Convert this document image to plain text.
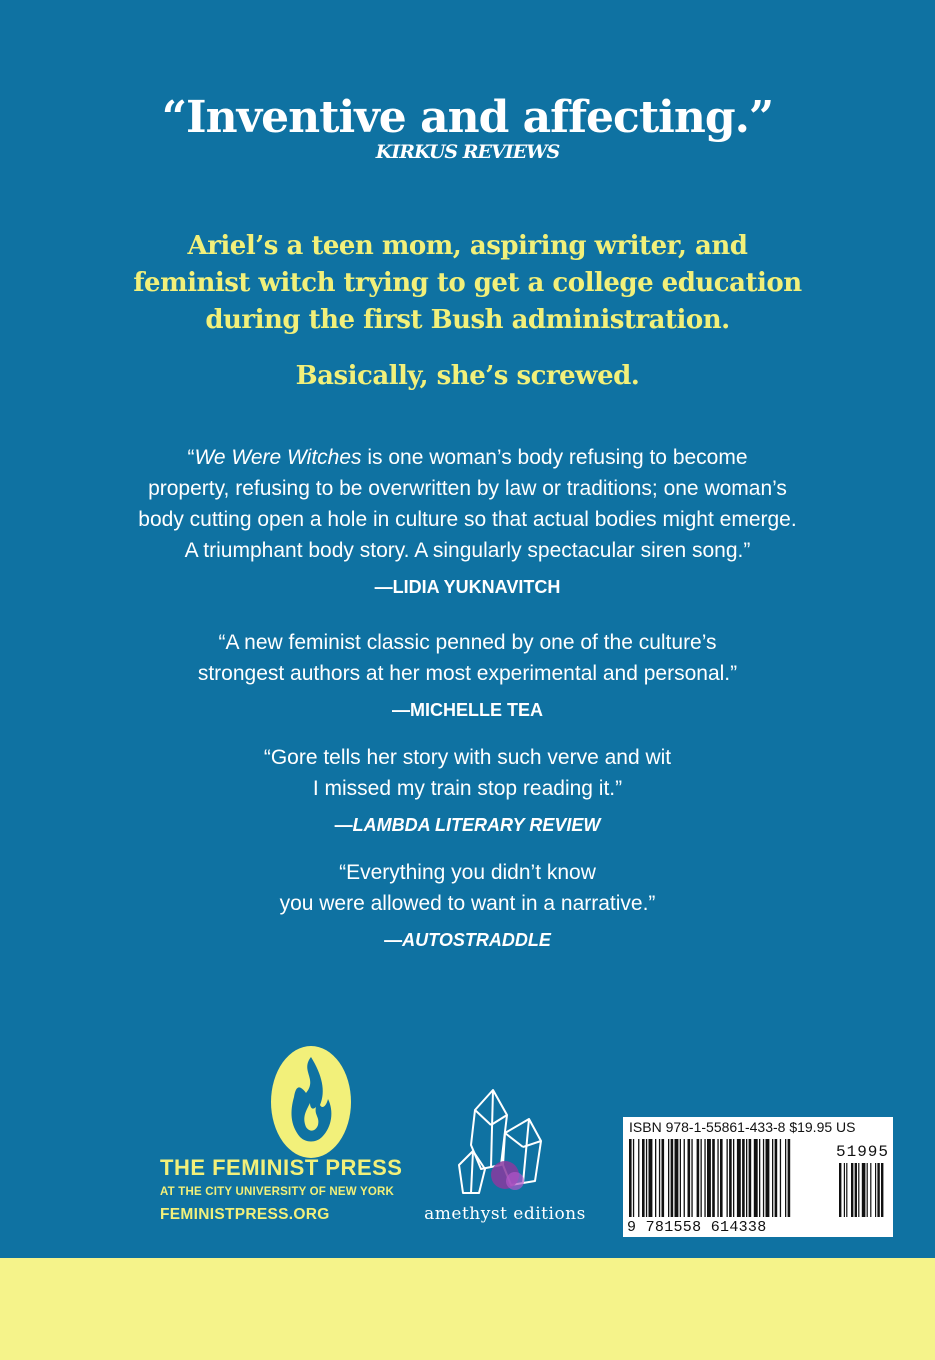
“Inventive and affecting.”
KIRKUS REVIEWS
Ariel’s a teen mom, aspiring writer, and
feminist witch trying to get a college education
during the first Bush administration.
Basically, she’s screwed.
“We Were Witches is one woman’s body refusing to become
property, refusing to be overwritten by law or traditions; one woman’s
body cutting open a hole in culture so that actual bodies might emerge.
A triumphant body story. A singularly spectacular siren song.”
—LIDIA YUKNAVITCH
“A new feminist classic penned by one of the culture’s
strongest authors at her most experimental and personal.”
—MICHELLE TEA
“Gore tells her story with such verve and wit
I missed my train stop reading it.”
—LAMBDA LITERARY REVIEW
“Everything you didn’t know
you were allowed to want in a narrative.”
—AUTOSTRADDLE
THE FEMINIST PRESS
AT THE CITY UNIVERSITY OF NEW YORK
FEMINISTPRESS.ORG	amethyst editions
ISBN 978-1-55861-433-8 $19.95 US
51995
9 781558 614338
